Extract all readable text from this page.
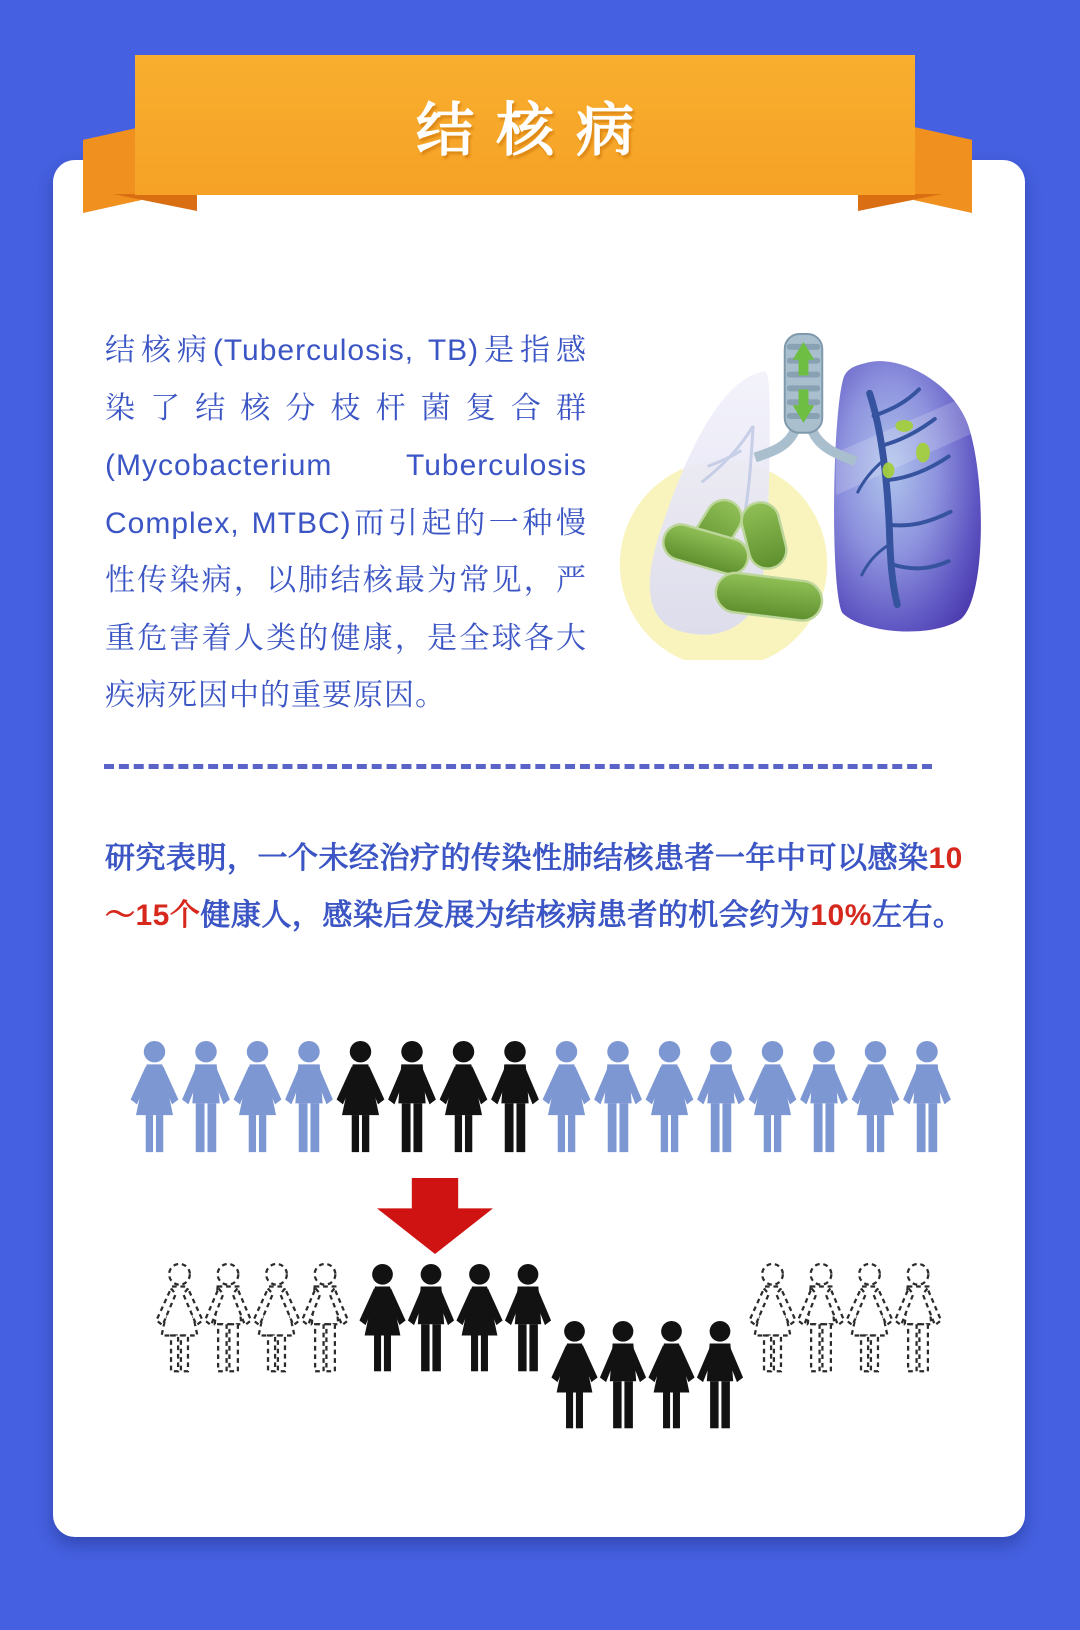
结核病
结核病(Tuberculosis, TB)是指感
染了结核分枝杆菌复合群
(Mycobacterium Tuberculosis
Complex, MTBC)而引起的一种慢
性传染病，以肺结核最为常见，严
重危害着人类的健康，是全球各大
疾病死因中的重要原因。

研究表明，一个未经治疗的传染性肺结核患者一年中可以感染10
～15个健康人，感染后发展为结核病患者的机会约为10%左右。
